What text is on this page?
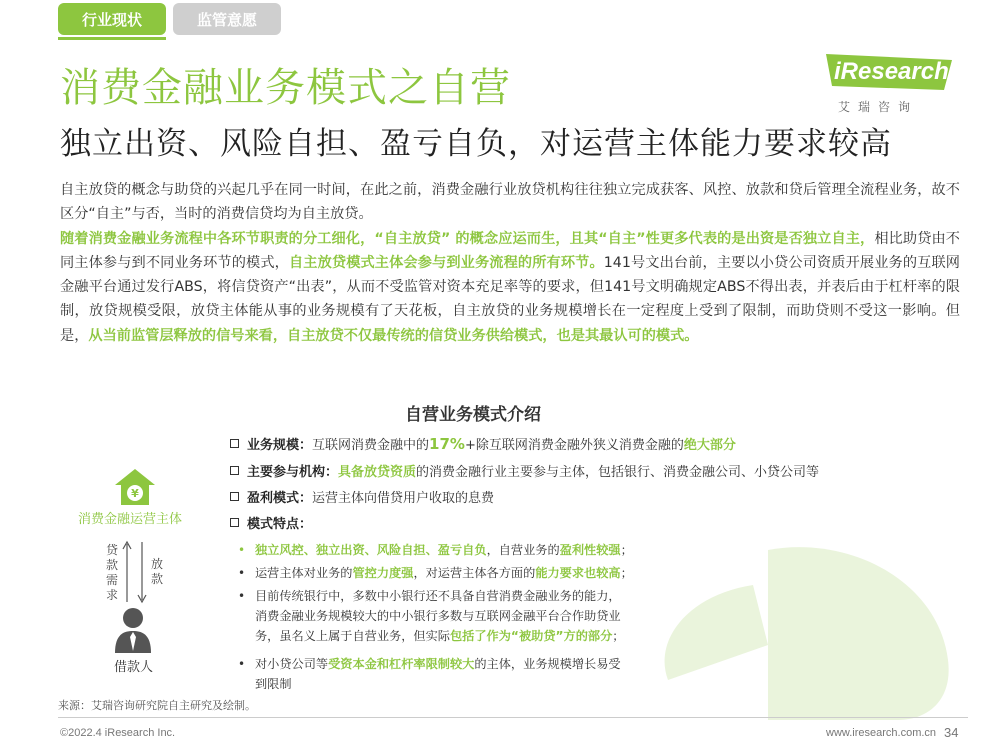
行业现状	监管意愿
消费金融业务模式之自营
独立出资、风险自担、盈亏自负，对运营主体能力要求较高
iResearch
艾瑞咨询
自主放贷的概念与助贷的兴起几乎在同一时间，在此之前，消费金融行业放贷机构往往独立完成获客、风控、放款和贷后管理全流程业务，故不区分“自主”与否，当时的消费信贷均为自主放贷。
随着消费金融业务流程中各环节职责的分工细化，“自主放贷” 的概念应运而生，且其“自主”性更多代表的是出资是否独立自主，相比助贷由不同主体参与到不同业务环节的模式，自主放贷模式主体会参与到业务流程的所有环节。141号文出台前，主要以小贷公司资质开展业务的互联网金融平台通过发行ABS，将信贷资产“出表”，从而不受监管对资本充足率等的要求，但141号文明确规定ABS不得出表，并表后由于杠杆率的限制，放贷规模受限，放贷主体能从事的业务规模有了天花板，自主放贷的业务规模增长在一定程度上受到了限制，而助贷则不受这一影响。但是，从当前监管层释放的信号来看，自主放贷不仅最传统的信贷业务供给模式，也是其最认可的模式。
自营业务模式介绍
¥
消费金融运营主体
贷款需求
放款
借款人
业务规模： 互联网消费金融中的 17% +除互联网消费金融外狭义消费金融的 绝大部分
主要参与机构： 具备放贷资质 的消费金融行业主要参与主体，包括银行、消费金融公司、小贷公司等
盈利模式： 运营主体向借贷用户收取的息费
模式特点：
• 独立风控、独立出资、风险自担、盈亏自负，自营业务的盈利性较强；
• 运营主体对业务的管控力度强，对运营主体各方面的能力要求也较高；
• 目前传统银行中，多数中小银行还不具备自营消费金融业务的能力，
消费金融业务规模较大的中小银行多数与互联网金融平台合作助贷业
务，虽名义上属于自营业务，但实际包括了作为“被助贷”方的部分；
• 对小贷公司等受资本金和杠杆率限制较大的主体，业务规模增长易受
到限制
来源：艾瑞咨询研究院自主研究及绘制。
©2022.4 iResearch Inc.	www.iresearch.com.cn 34
